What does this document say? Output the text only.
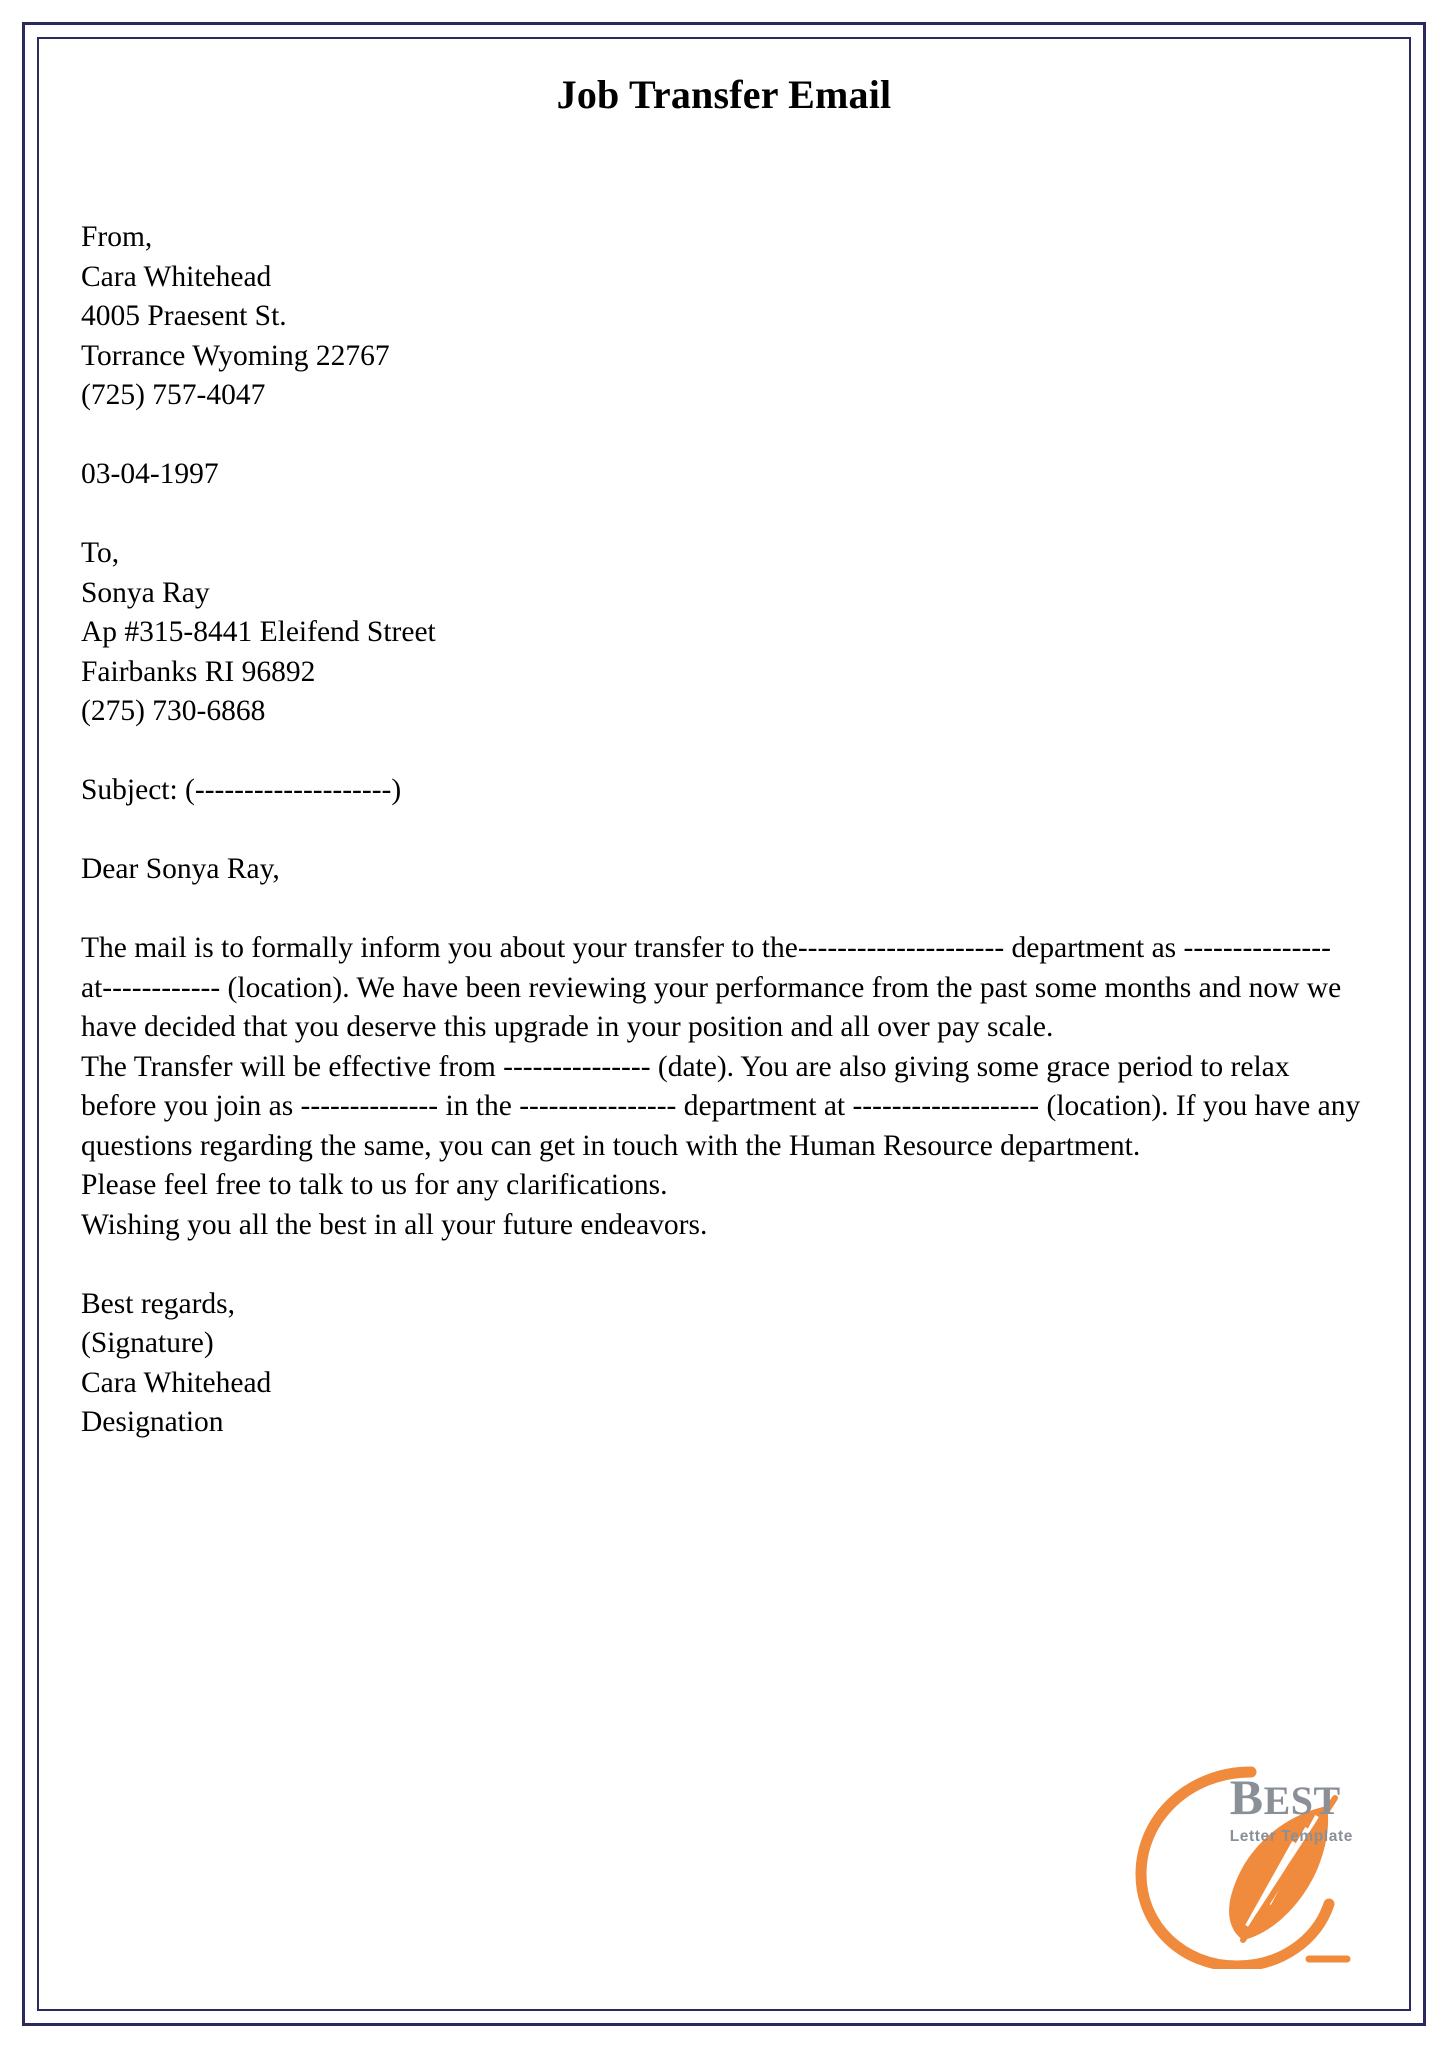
Job Transfer Email
From,
Cara Whitehead
4005 Praesent St.
Torrance Wyoming 22767
(725) 757-4047
03-04-1997
To,
Sonya Ray
Ap #315-8441 Eleifend Street
Fairbanks RI 96892
(275) 730-6868
Subject: (--------------------)
Dear Sonya Ray,

The mail is to formally inform you about your transfer to the--------------------- department as --------------- at------------ (location). We have been reviewing your performance from the past some months and now we have decided that you deserve this upgrade in your position and all over pay scale.

The Transfer will be effective from --------------- (date). You are also giving some grace period to relax before you join as -------------- in the ---------------- department at ------------------- (location). If you have any questions regarding the same, you can get in touch with the Human Resource department.

Please feel free to talk to us for any clarifications.

Wishing you all the best in all your future endeavors.

Best regards,
(Signature)
Cara Whitehead
Designation
BEST
Letter Template
